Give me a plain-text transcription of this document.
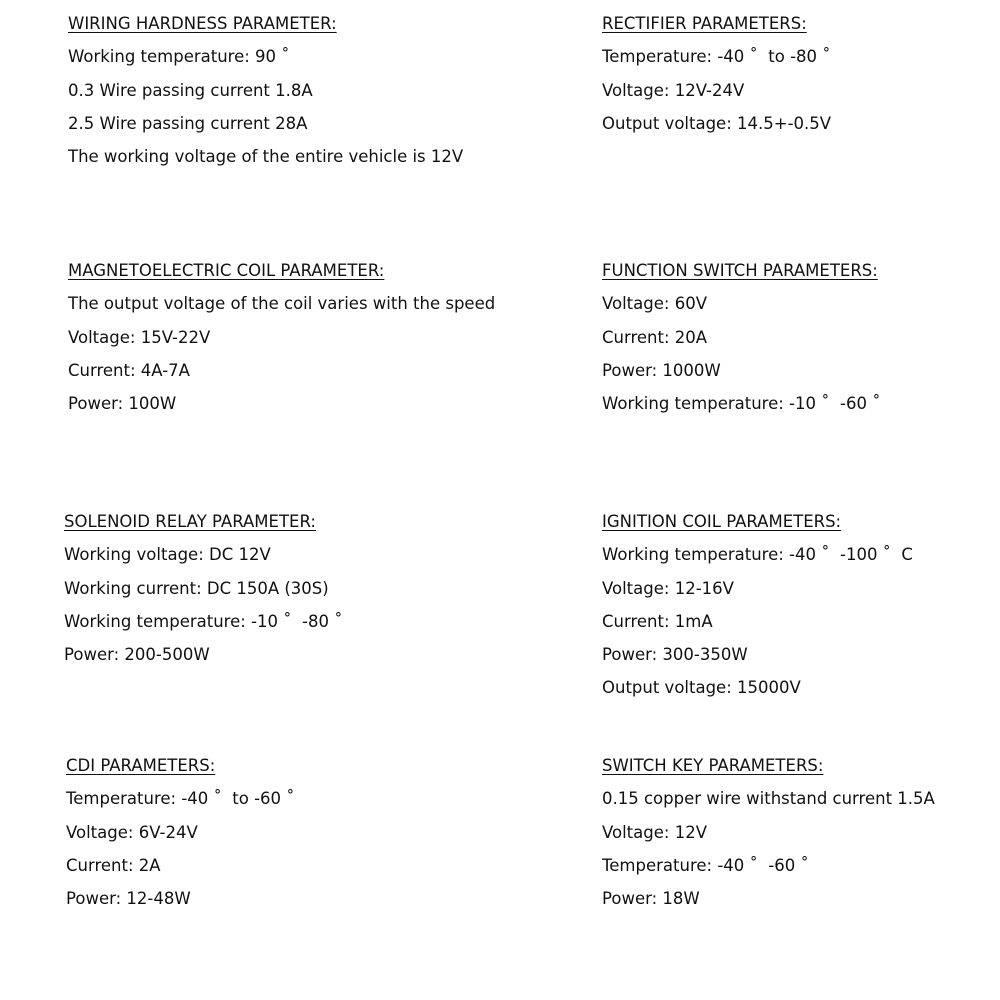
WIRING HARDNESS PARAMETER:
Working temperature: 90 ˚
0.3 Wire passing current 1.8A
2.5 Wire passing current 28A
The working voltage of the entire vehicle is 12V
RECTIFIER PARAMETERS:
Temperature: -40 ˚  to -80 ˚
Voltage: 12V-24V
Output voltage: 14.5+-0.5V
MAGNETOELECTRIC COIL PARAMETER:
The output voltage of the coil varies with the speed
Voltage: 15V-22V
Current: 4A-7A
Power: 100W
FUNCTION SWITCH PARAMETERS:
Voltage: 60V
Current: 20A
Power: 1000W
Working temperature: -10 ˚  -60 ˚
SOLENOID RELAY PARAMETER:
Working voltage: DC 12V
Working current: DC 150A (30S)
Working temperature: -10 ˚  -80 ˚
Power: 200-500W
IGNITION COIL PARAMETERS:
Working temperature: -40 ˚  -100 ˚  C
Voltage: 12-16V
Current: 1mA
Power: 300-350W
Output voltage: 15000V
CDI PARAMETERS:
Temperature: -40 ˚  to -60 ˚
Voltage: 6V-24V
Current: 2A
Power: 12-48W
SWITCH KEY PARAMETERS:
0.15 copper wire withstand current 1.5A
Voltage: 12V
Temperature: -40 ˚  -60 ˚
Power: 18W
